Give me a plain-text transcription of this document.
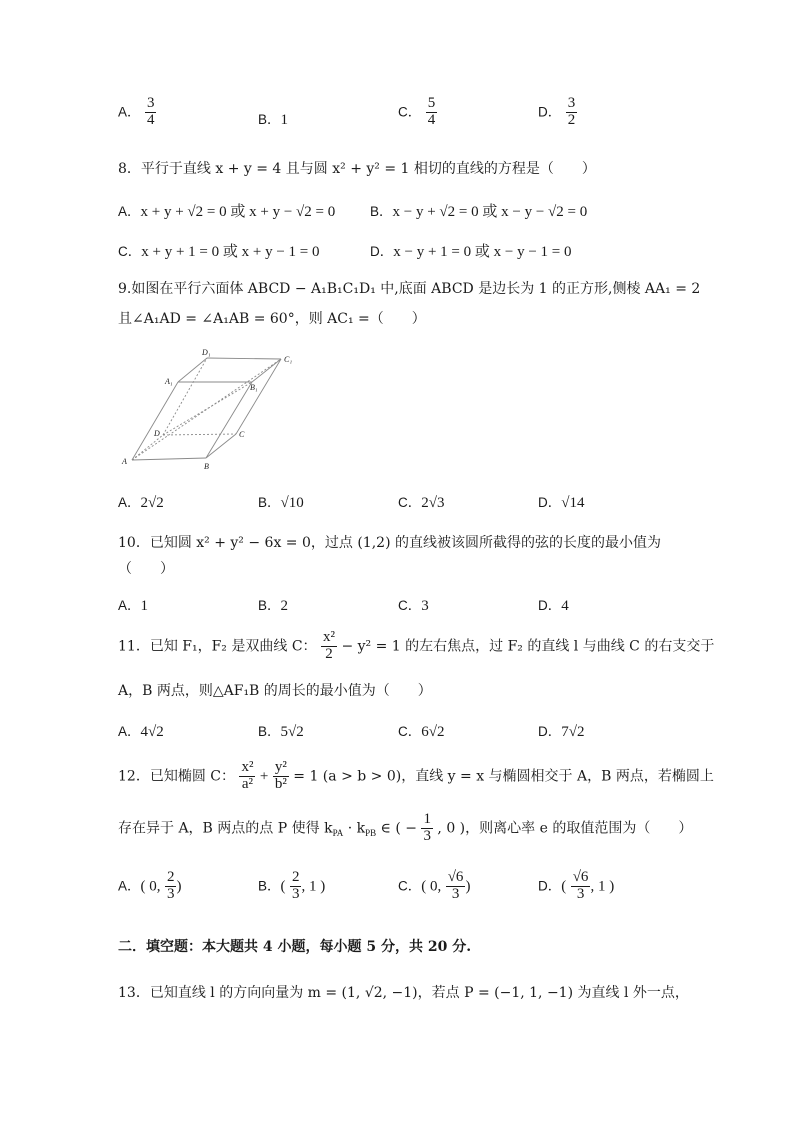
A． $\frac{3}{4}$	B．1
C． $\frac{5}{4}$	D． $\frac{3}{2}$
8．平行于直线 x + y = 4 且与圆 x² + y² = 1 相切的直线的方程是（　　）
A．x + y + √2 = 0 或 x + y − √2 = 0	B．x − y + √2 = 0 或 x − y − √2 = 0
C．x + y + 1 = 0 或 x + y − 1 = 0	D．x − y + 1 = 0 或 x − y − 1 = 0
9.如图在平行六面体 ABCD − A₁B₁C₁D₁ 中,底面 ABCD 是边长为 1 的正方形,侧棱 AA₁ = 2
且∠A₁AD = ∠A₁AB = 60°，则 AC₁ =（　　）
A
B
C
D
A₁
B₁
C₁
D₁
A．2√2	B．√10	C．2√3	D．√14
10．已知圆 x² + y² − 6x = 0，过点 (1,2) 的直线被该圆所截得的弦的长度的最小值为
（　　）
A．1	B．2	C．3	D．4
11．已知 F₁，F₂ 是双曲线 C： $\frac{\text{x²}}{2} - y^2 = 1$ 的左右焦点，过 F₂ 的直线 l 与曲线 C 的右支交于
A，B 两点，则△AF₁B 的周长的最小值为（　　）
A．4√2	B．5√2	C．6√2	D．7√2
12．已知椭圆 C： $\frac{\text{x²}}{\text{a²}} + \frac{\text{y²}}{\text{b²}} = 1$ (a > b > 0)，直线 y = x 与椭圆相交于 A，B 两点，若椭圆上
存在异于 A，B 两点的点 P 使得 $k_{PA} \cdot k_{PB}$ ∈ ( − $\frac{1}{3}$ , 0 )，则离心率 e 的取值范围为（　　）
A．( 0, $\frac{2}{3}$ )	B．( $\frac{2}{3}$ , 1 )	C．( 0, $\frac{√6}{3}$ )	D．( $\frac{√6}{3}$ , 1 )
二．填空题：本大题共 4 小题，每小题 5 分，共 20 分.
13．已知直线 l 的方向向量为 m = (1, √2, −1)，若点 P = (−1, 1, −1) 为直线 l 外一点，
